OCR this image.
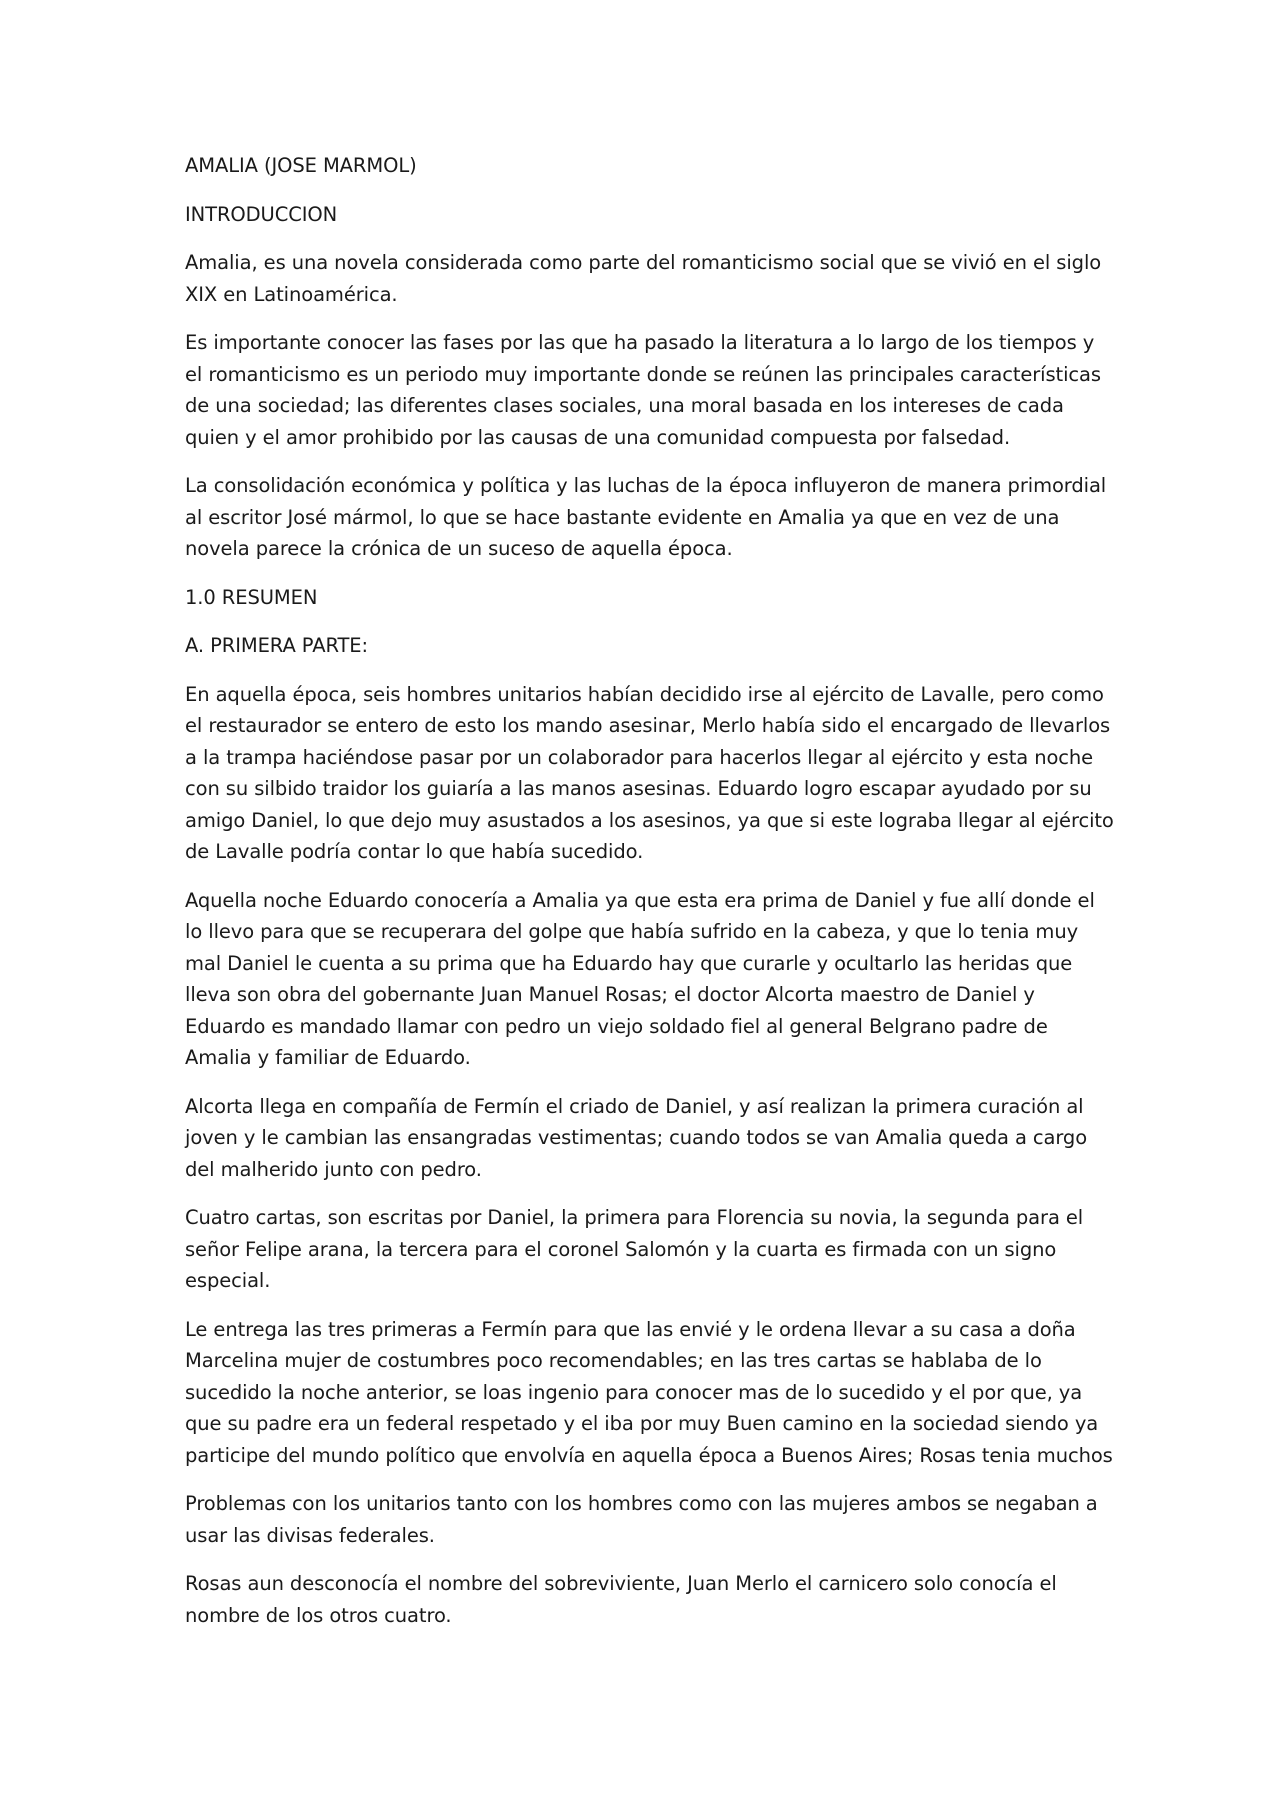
AMALIA (JOSE MARMOL)

INTRODUCCION

Amalia, es una novela considerada como parte del romanticismo social que se vivió en el siglo XIX en Latinoamérica.

Es importante conocer las fases por las que ha pasado la literatura a lo largo de los tiempos y el romanticismo es un periodo muy importante donde se reúnen las principales características de una sociedad; las diferentes clases sociales, una moral basada en los intereses de cada quien y el amor prohibido por las causas de una comunidad compuesta por falsedad.

La consolidación económica y política y las luchas de la época influyeron de manera primordial al escritor José mármol, lo que se hace bastante evidente en Amalia ya que en vez de una novela parece la crónica de un suceso de aquella época.

1.0 RESUMEN

A. PRIMERA PARTE:

En aquella época, seis hombres unitarios habían decidido irse al ejército de Lavalle, pero como el restaurador se entero de esto los mando asesinar, Merlo había sido el encargado de llevarlos a la trampa haciéndose pasar por un colaborador para hacerlos llegar al ejército y esta noche con su silbido traidor los guiaría a las manos asesinas. Eduardo logro escapar ayudado por su amigo Daniel, lo que dejo muy asustados a los asesinos, ya que si este lograba llegar al ejército de Lavalle podría contar lo que había sucedido.

Aquella noche Eduardo conocería a Amalia ya que esta era prima de Daniel y fue allí donde el lo llevo para que se recuperara del golpe que había sufrido en la cabeza, y que lo tenia muy mal Daniel le cuenta a su prima que ha Eduardo hay que curarle y ocultarlo las heridas que lleva son obra del gobernante Juan Manuel Rosas; el doctor Alcorta maestro de Daniel y Eduardo es mandado llamar con pedro un viejo soldado fiel al general Belgrano padre de Amalia y familiar de Eduardo.

Alcorta llega en compañía de Fermín el criado de Daniel, y así realizan la primera curación al joven y le cambian las ensangradas vestimentas; cuando todos se van Amalia queda a cargo del malherido junto con pedro.

Cuatro cartas, son escritas por Daniel, la primera para Florencia su novia, la segunda para el señor Felipe arana, la tercera para el coronel Salomón y la cuarta es firmada con un signo especial.

Le entrega las tres primeras a Fermín para que las envié y le ordena llevar a su casa a doña Marcelina mujer de costumbres poco recomendables; en las tres cartas se hablaba de lo sucedido la noche anterior, se loas ingenio para conocer mas de lo sucedido y el por que, ya que su padre era un federal respetado y el iba por muy Buen camino en la sociedad siendo ya participe del mundo político que envolvía en aquella época a Buenos Aires; Rosas tenia muchos

Problemas con los unitarios tanto con los hombres como con las mujeres ambos se negaban a usar las divisas federales.

Rosas aun desconocía el nombre del sobreviviente, Juan Merlo el carnicero solo conocía el nombre de los otros cuatro.
